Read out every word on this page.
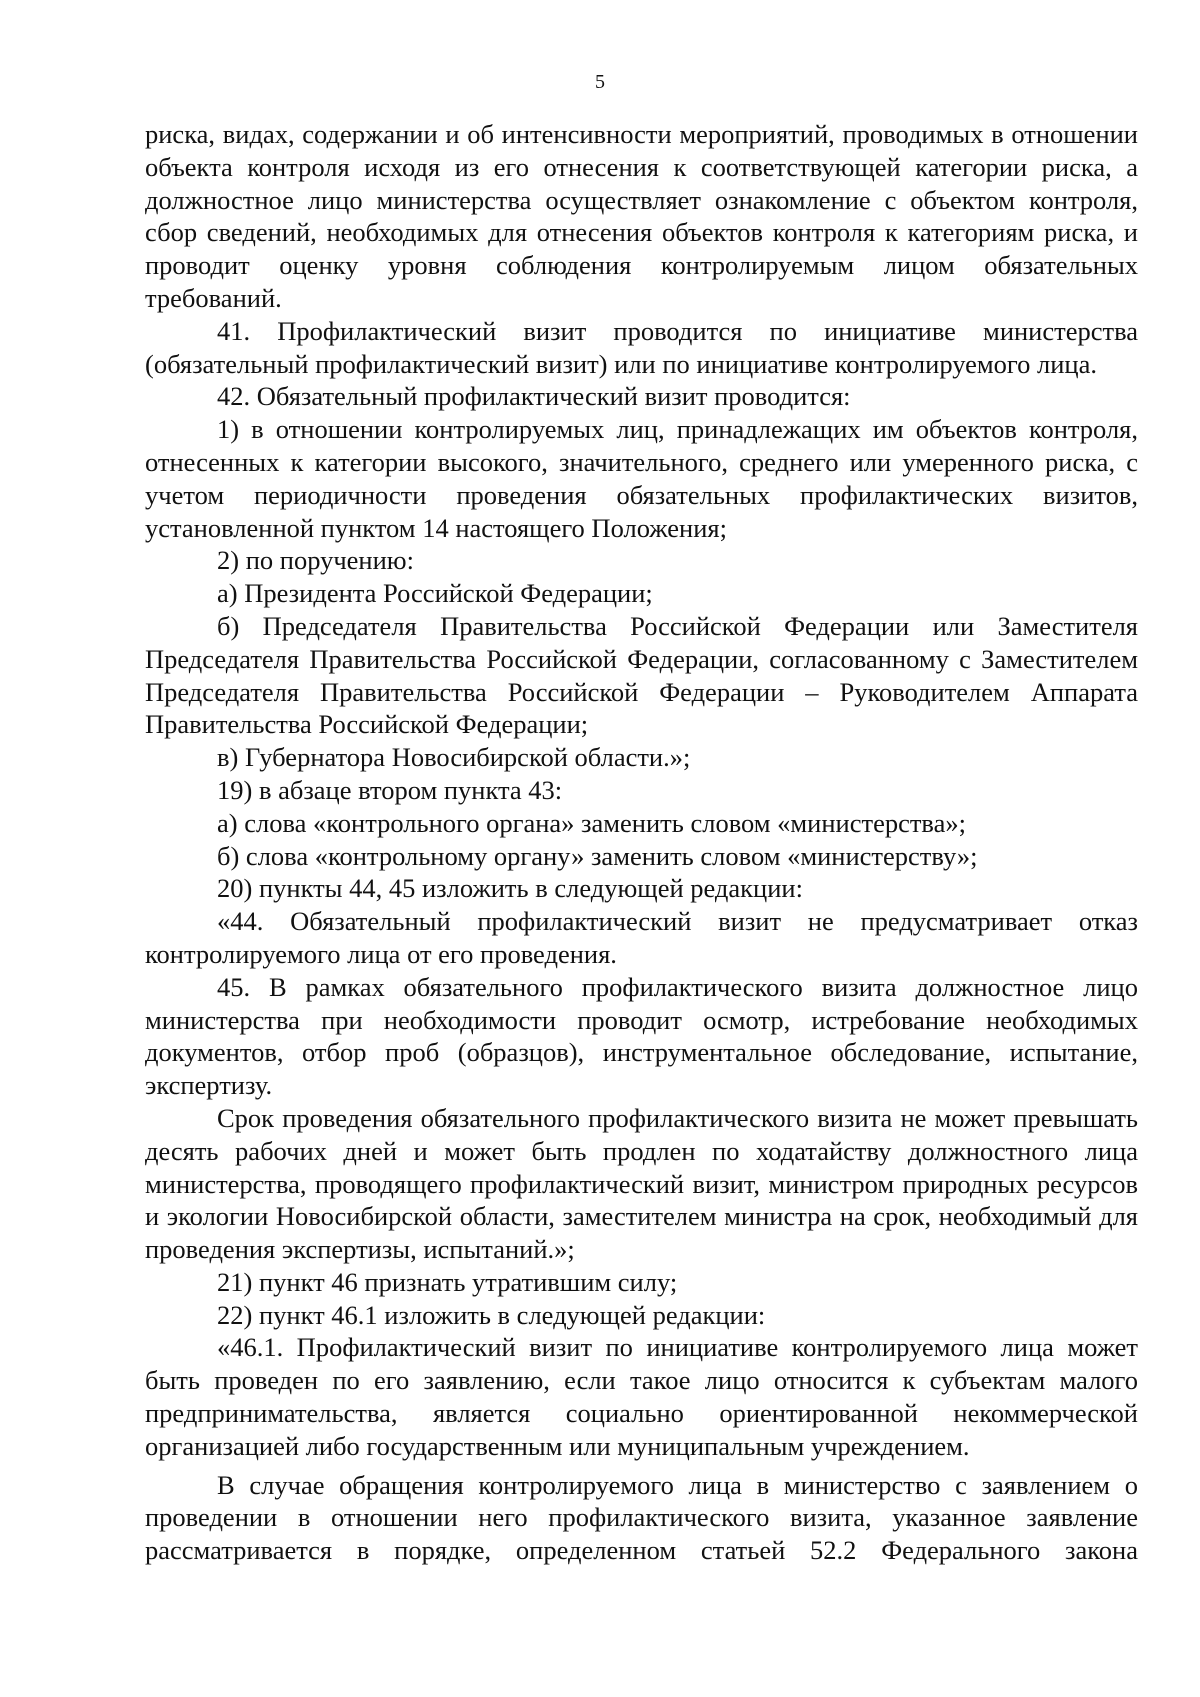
5

риска, видах, содержании и об интенсивности мероприятий, проводимых в отношении объекта контроля исходя из его отнесения к соответствующей категории риска, а должностное лицо министерства осуществляет ознакомление с объектом контроля, сбор сведений, необходимых для отнесения объектов контроля к категориям риска, и проводит оценку уровня соблюдения контролируемым лицом обязательных требований.

41. Профилактический визит проводится по инициативе министерства (обязательный профилактический визит) или по инициативе контролируемого лица.

42. Обязательный профилактический визит проводится:

1) в отношении контролируемых лиц, принадлежащих им объектов контроля, отнесенных к категории высокого, значительного, среднего или умеренного риска, с учетом периодичности проведения обязательных профилактических визитов, установленной пунктом 14 настоящего Положения;

2) по поручению:

а) Президента Российской Федерации;

б) Председателя Правительства Российской Федерации или Заместителя Председателя Правительства Российской Федерации, согласованному с Заместителем Председателя Правительства Российской Федерации – Руководителем Аппарата Правительства Российской Федерации;

в) Губернатора Новосибирской области.»;

19) в абзаце втором пункта 43:

а) слова «контрольного органа» заменить словом «министерства»;

б) слова «контрольному органу» заменить словом «министерству»;

20) пункты 44, 45 изложить в следующей редакции:

«44. Обязательный профилактический визит не предусматривает отказ контролируемого лица от его проведения.

45. В рамках обязательного профилактического визита должностное лицо министерства при необходимости проводит осмотр, истребование необходимых документов, отбор проб (образцов), инструментальное обследование, испытание, экспертизу.

Срок проведения обязательного профилактического визита не может превышать десять рабочих дней и может быть продлен по ходатайству должностного лица министерства, проводящего профилактический визит, министром природных ресурсов и экологии Новосибирской области, заместителем министра на срок, необходимый для проведения экспертизы, испытаний.»;

21) пункт 46 признать утратившим силу;

22) пункт 46.1 изложить в следующей редакции:

«46.1. Профилактический визит по инициативе контролируемого лица может быть проведен по его заявлению, если такое лицо относится к субъектам малого предпринимательства, является социально ориентированной некоммерческой организацией либо государственным или муниципальным учреждением.

В случае обращения контролируемого лица в министерство с заявлением о проведении в отношении него профилактического визита, указанное заявление рассматривается в порядке, определенном статьей 52.2 Федерального закона
